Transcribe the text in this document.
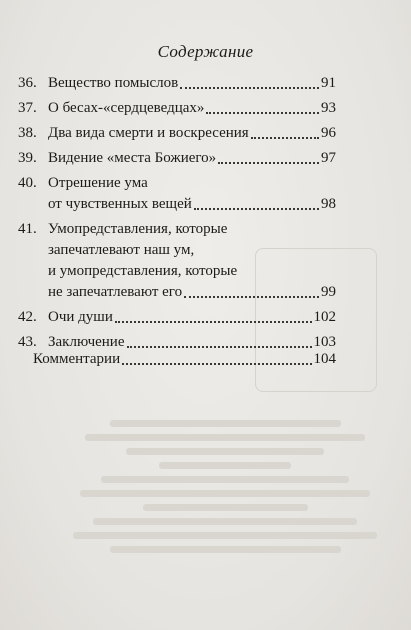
Содержание
36. Вещество помыслов	91
37. О бесах-«сердцеведцах»	93
38. Два вида смерти и воскресения	96
39. Видение «места Божиего»	97
40. Отрешение ума
от чувственных вещей	98
41. Умопредставления, которые
запечатлевают наш ум,
и умопредставления, которые
не запечатлевают его	99
42. Очи души	102
43. Заключение	103
Комментарии	104
